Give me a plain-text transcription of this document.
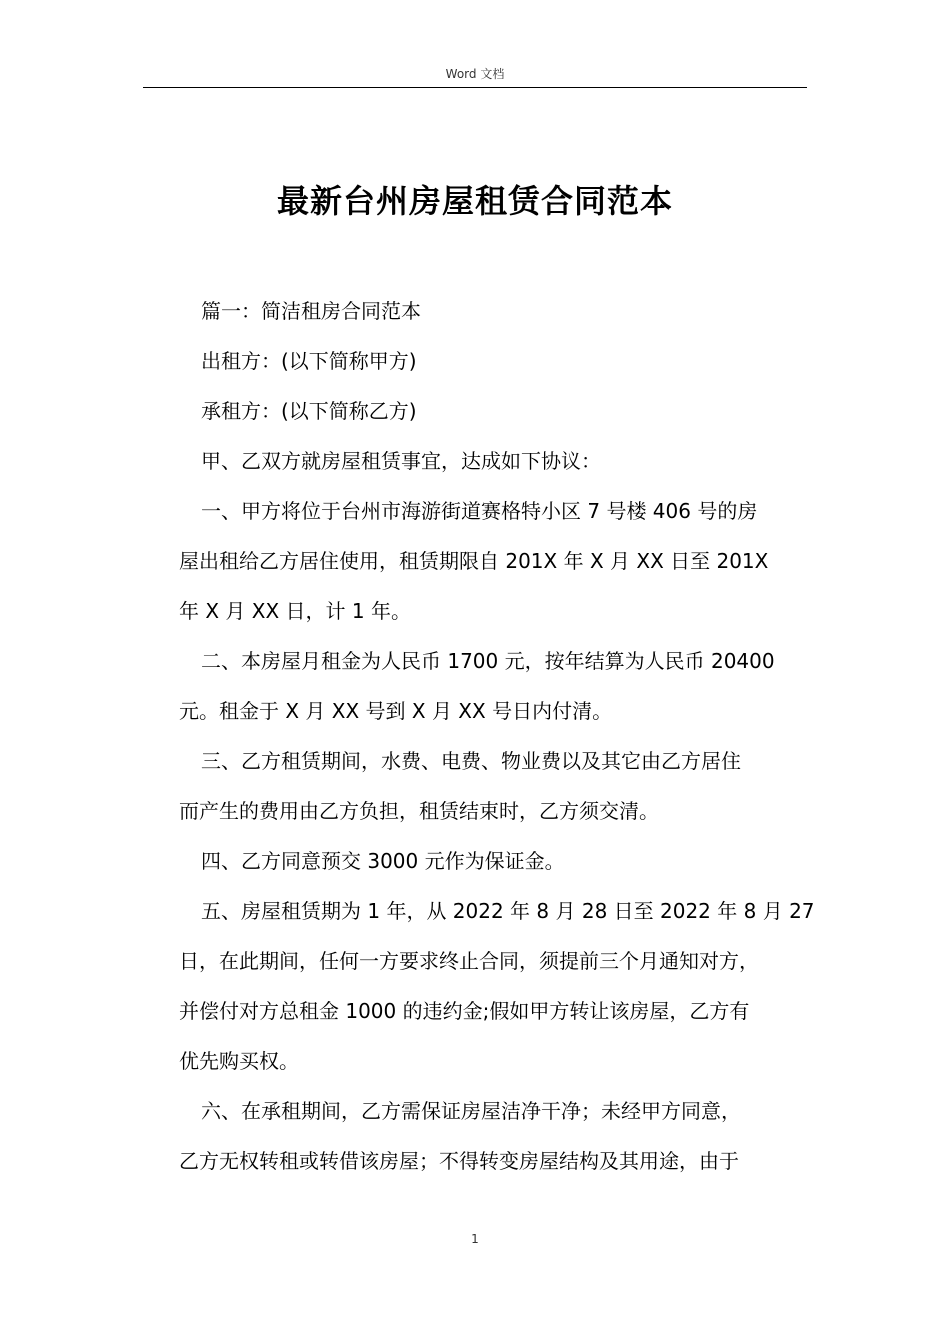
Word 文档
最新台州房屋租赁合同范本

篇一：简洁租房合同范本

出租方：(以下简称甲方)

承租方：(以下简称乙方)

甲、乙双方就房屋租赁事宜，达成如下协议：

一、甲方将位于台州市海游街道赛格特小区 7 号楼 406 号的房

屋出租给乙方居住使用，租赁期限自 201X 年 X 月 XX 日至 201X

年 X 月 XX 日，计 1 年。

二、本房屋月租金为人民币 1700 元，按年结算为人民币 20400

元。租金于 X 月 XX 号到 X 月 XX 号日内付清。

三、乙方租赁期间，水费、电费、物业费以及其它由乙方居住

而产生的费用由乙方负担，租赁结束时，乙方须交清。

四、乙方同意预交 3000 元作为保证金。

五、房屋租赁期为 1 年，从 2022 年 8 月 28 日至 2022 年 8 月 27

日，在此期间，任何一方要求终止合同，须提前三个月通知对方，

并偿付对方总租金 1000 的违约金;假如甲方转让该房屋，乙方有

优先购买权。

六、在承租期间，乙方需保证房屋洁净干净；未经甲方同意，

乙方无权转租或转借该房屋；不得转变房屋结构及其用途，由于

1
